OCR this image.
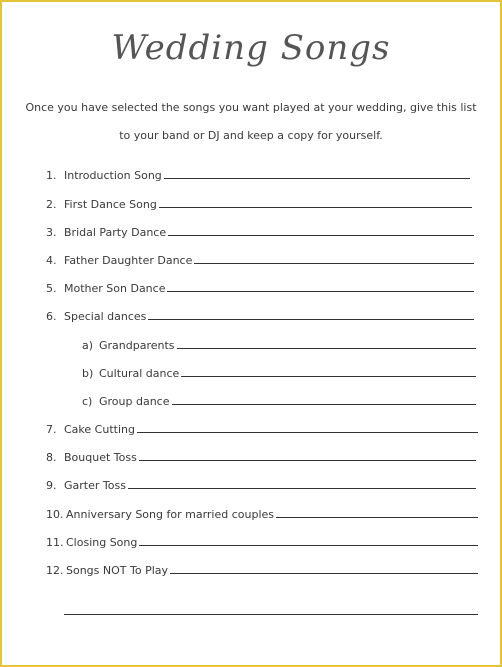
Wedding Songs
Once you have selected the songs you want played at your wedding, give this list to your band or DJ and keep a copy for yourself.
1. Introduction Song
2. First Dance Song
3. Bridal Party Dance
4. Father Daughter Dance
5. Mother Son Dance
6. Special dances
a) Grandparents
b) Cultural dance
c) Group dance
7. Cake Cutting
8. Bouquet Toss
9. Garter Toss
10. Anniversary Song for married couples
11. Closing Song
12. Songs NOT To Play
